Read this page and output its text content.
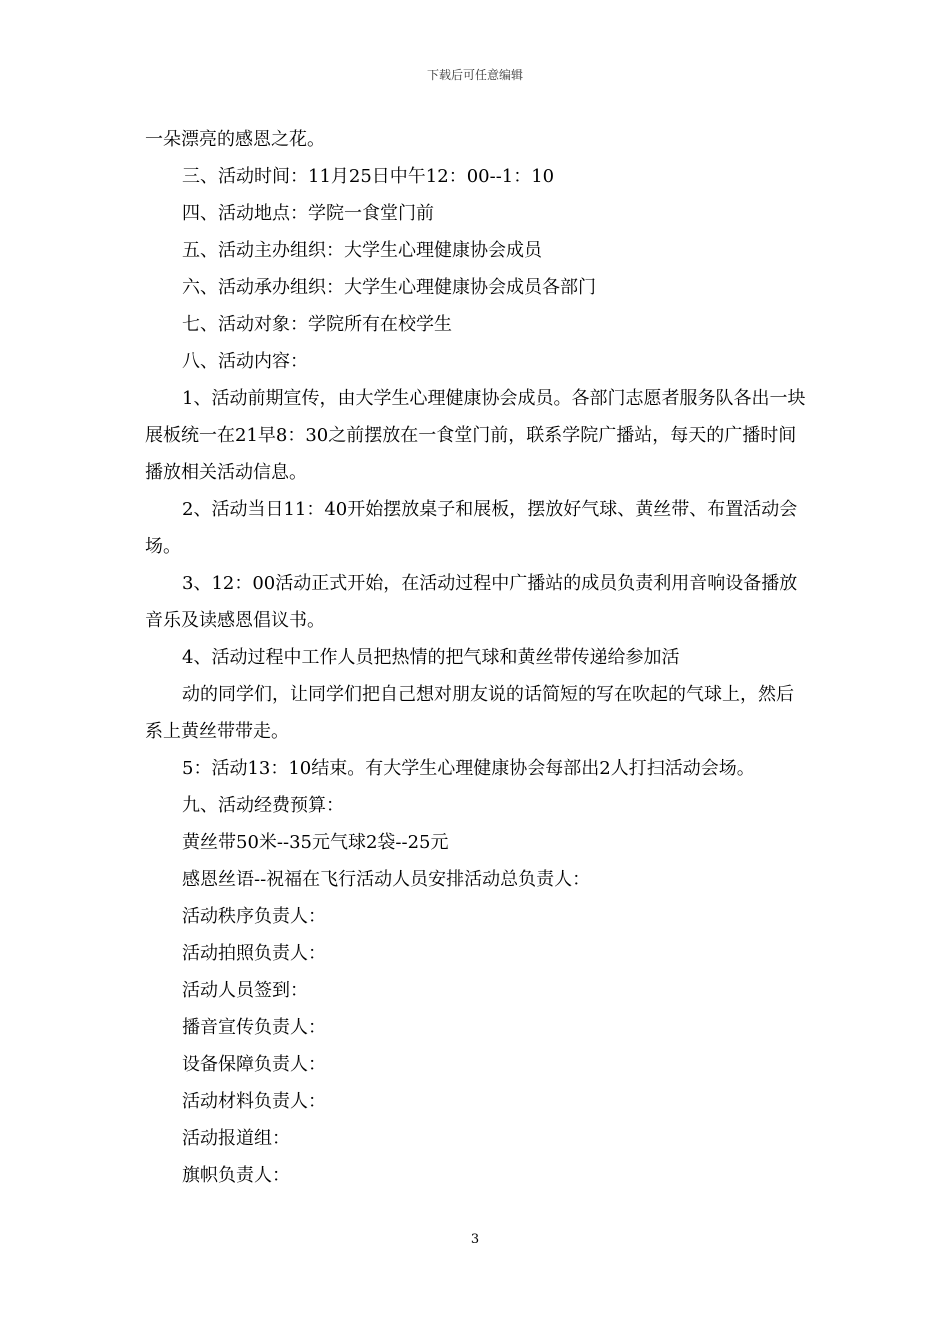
下载后可任意编辑

一朵漂亮的感恩之花。

三、活动时间：11月25日中午12：00--1：10

四、活动地点：学院一食堂门前

五、活动主办组织：大学生心理健康协会成员

六、活动承办组织：大学生心理健康协会成员各部门

七、活动对象：学院所有在校学生

八、活动内容：

1、活动前期宣传，由大学生心理健康协会成员。各部门志愿者服务队各出一块展板统一在21早8：30之前摆放在一食堂门前，联系学院广播站，每天的广播时间播放相关活动信息。

2、活动当日11：40开始摆放桌子和展板，摆放好气球、黄丝带、布置活动会场。

3、12：00活动正式开始，在活动过程中广播站的成员负责利用音响设备播放音乐及读感恩倡议书。

4、活动过程中工作人员把热情的把气球和黄丝带传递给参加活

动的同学们，让同学们把自己想对朋友说的话简短的写在吹起的气球上，然后系上黄丝带带走。

5：活动13：10结束。有大学生心理健康协会每部出2人打扫活动会场。

九、活动经费预算：

黄丝带50米--35元气球2袋--25元

感恩丝语--祝福在飞行活动人员安排活动总负责人：

活动秩序负责人：

活动拍照负责人：

活动人员签到：

播音宣传负责人：

设备保障负责人：

活动材料负责人：

活动报道组：

旗帜负责人：

3
